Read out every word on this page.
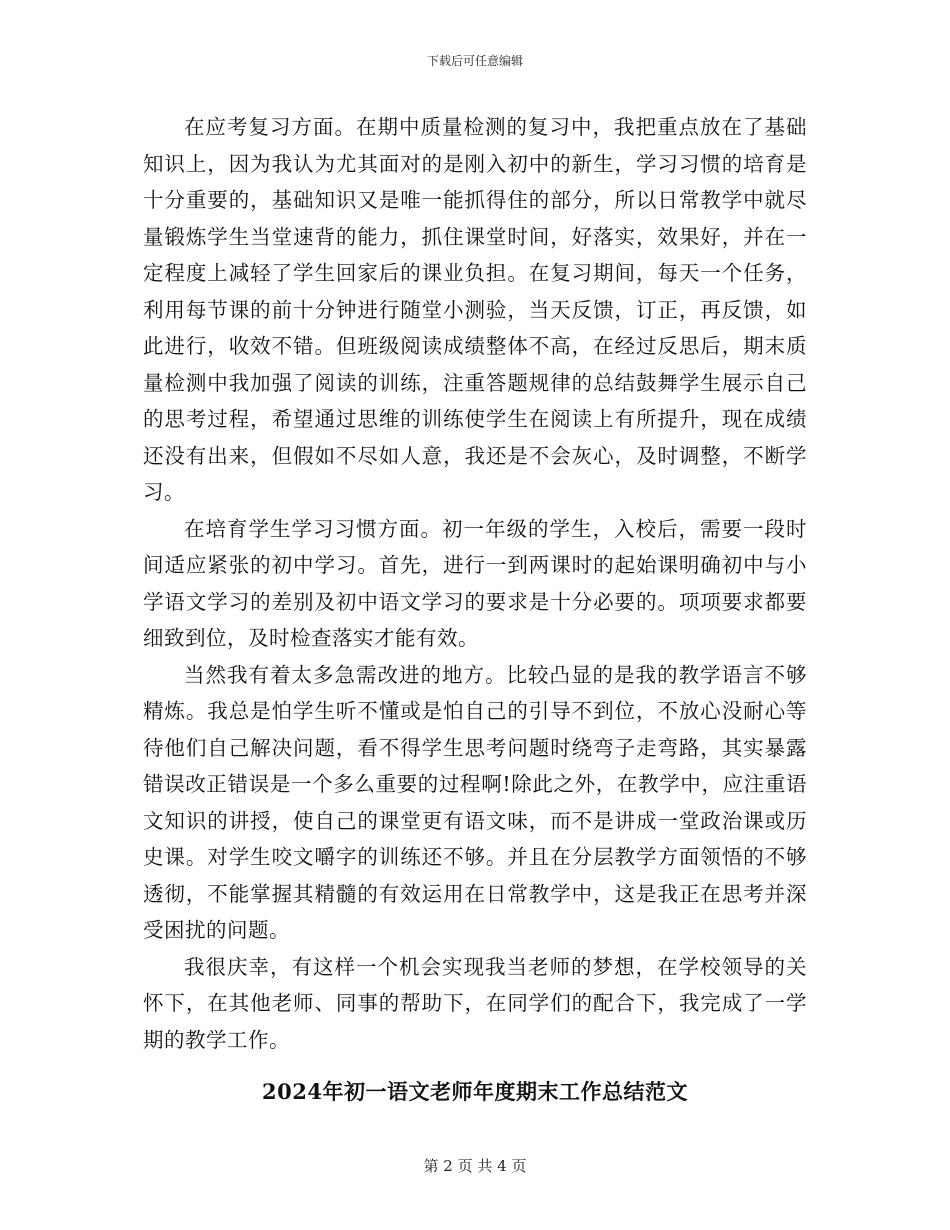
下载后可任意编辑

在应考复习方面。在期中质量检测的复习中，我把重点放在了基础知识上，因为我认为尤其面对的是刚入初中的新生，学习习惯的培育是十分重要的，基础知识又是唯一能抓得住的部分，所以日常教学中就尽量锻炼学生当堂速背的能力，抓住课堂时间，好落实，效果好，并在一定程度上减轻了学生回家后的课业负担。在复习期间，每天一个任务，利用每节课的前十分钟进行随堂小测验，当天反馈，订正，再反馈，如此进行，收效不错。但班级阅读成绩整体不高，在经过反思后，期末质量检测中我加强了阅读的训练，注重答题规律的总结鼓舞学生展示自己的思考过程，希望通过思维的训练使学生在阅读上有所提升，现在成绩还没有出来，但假如不尽如人意，我还是不会灰心，及时调整，不断学习。

在培育学生学习习惯方面。初一年级的学生，入校后，需要一段时间适应紧张的初中学习。首先，进行一到两课时的起始课明确初中与小学语文学习的差别及初中语文学习的要求是十分必要的。项项要求都要细致到位，及时检查落实才能有效。

当然我有着太多急需改进的地方。比较凸显的是我的教学语言不够精炼。我总是怕学生听不懂或是怕自己的引导不到位，不放心没耐心等待他们自己解决问题，看不得学生思考问题时绕弯子走弯路，其实暴露错误改正错误是一个多么重要的过程啊!除此之外，在教学中，应注重语文知识的讲授，使自己的课堂更有语文味，而不是讲成一堂政治课或历史课。对学生咬文嚼字的训练还不够。并且在分层教学方面领悟的不够透彻，不能掌握其精髓的有效运用在日常教学中，这是我正在思考并深受困扰的问题。

我很庆幸，有这样一个机会实现我当老师的梦想，在学校领导的关怀下，在其他老师、同事的帮助下，在同学们的配合下，我完成了一学期的教学工作。

2024年初一语文老师年度期末工作总结范文
第 2 页 共 4 页
